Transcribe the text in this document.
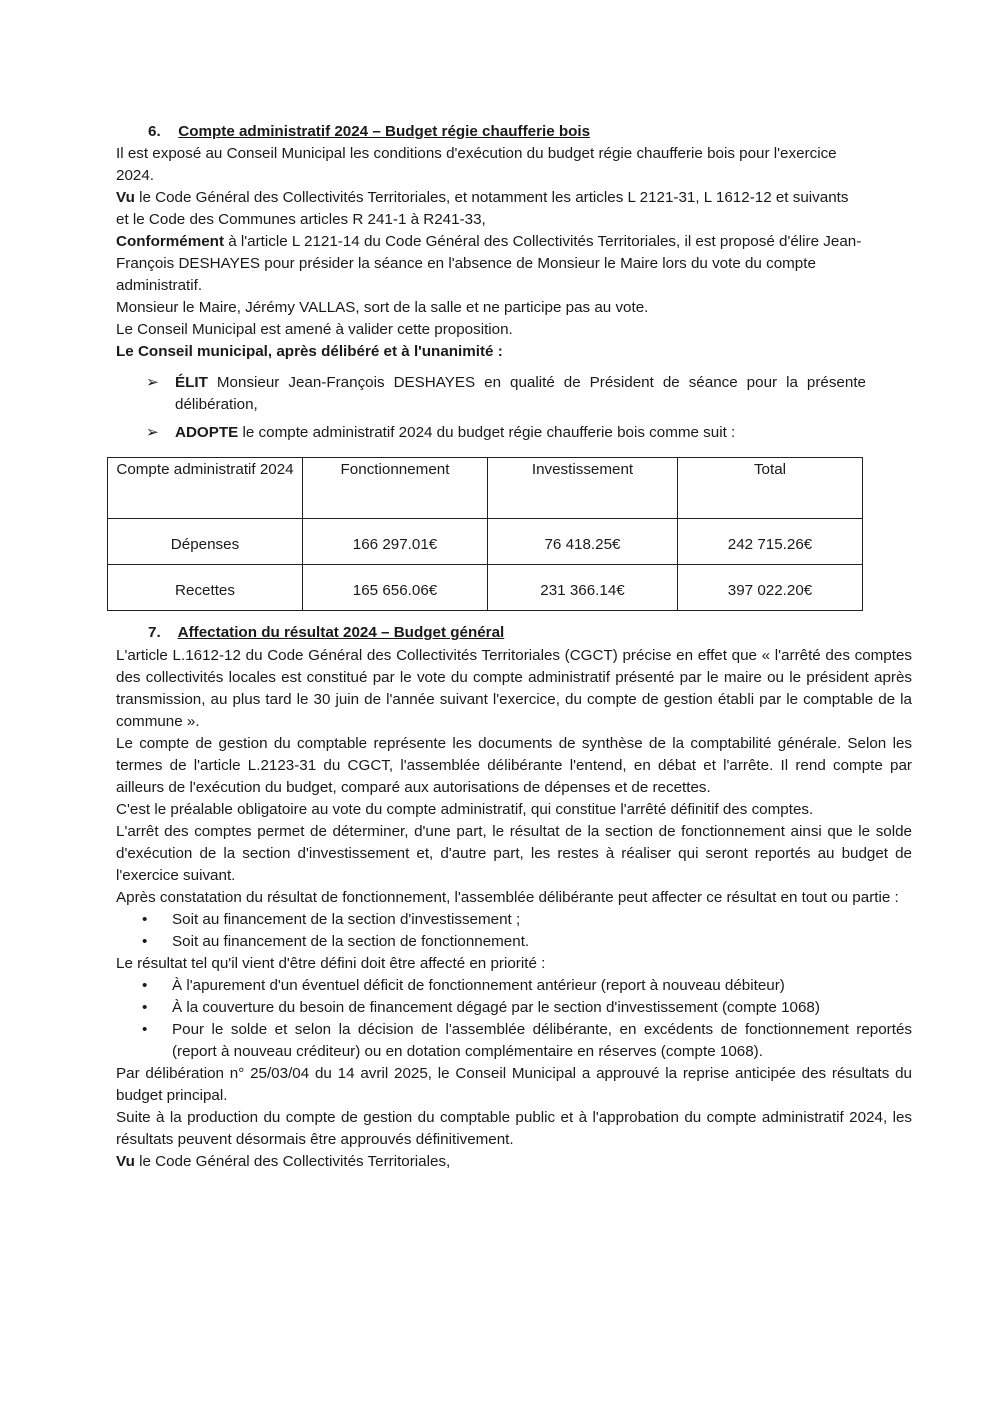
6. Compte administratif 2024 – Budget régie chaufferie bois

Il est exposé au Conseil Municipal les conditions d'exécution du budget régie chaufferie bois pour l'exercice 2024.

Vu le Code Général des Collectivités Territoriales, et notamment les articles L 2121-31, L 1612-12 et suivants et le Code des Communes articles R 241-1 à R241-33,

Conformément à l'article L 2121-14 du Code Général des Collectivités Territoriales, il est proposé d'élire Jean-François DESHAYES pour présider la séance en l'absence de Monsieur le Maire lors du vote du compte administratif.

Monsieur le Maire, Jérémy VALLAS, sort de la salle et ne participe pas au vote.

Le Conseil Municipal est amené à valider cette proposition.

Le Conseil municipal, après délibéré et à l'unanimité :

➢	ÉLIT Monsieur Jean-François DESHAYES en qualité de Président de séance pour la présente délibération,

➢	ADOPTE le compte administratif 2024 du budget régie chaufferie bois comme suit :

Compte administratif 2024	Fonctionnement	Investissement	Total
Dépenses	166 297.01€	76 418.25€	242 715.26€
Recettes	165 656.06€	231 366.14€	397 022.20€
7. Affectation du résultat 2024 – Budget général

L'article L.1612-12 du Code Général des Collectivités Territoriales (CGCT) précise en effet que « l'arrêté des comptes des collectivités locales est constitué par le vote du compte administratif présenté par le maire ou le président après transmission, au plus tard le 30 juin de l'année suivant l'exercice, du compte de gestion établi par le comptable de la commune ».

Le compte de gestion du comptable représente les documents de synthèse de la comptabilité générale. Selon les termes de l'article L.2123-31 du CGCT, l'assemblée délibérante l'entend, en débat et l'arrête. Il rend compte par ailleurs de l'exécution du budget, comparé aux autorisations de dépenses et de recettes.

C'est le préalable obligatoire au vote du compte administratif, qui constitue l'arrêté définitif des comptes.

L'arrêt des comptes permet de déterminer, d'une part, le résultat de la section de fonctionnement ainsi que le solde d'exécution de la section d'investissement et, d'autre part, les restes à réaliser qui seront reportés au budget de l'exercice suivant.

Après constatation du résultat de fonctionnement, l'assemblée délibérante peut affecter ce résultat en tout ou partie :

• Soit au financement de la section d'investissement ;

• Soit au financement de la section de fonctionnement.

Le résultat tel qu'il vient d'être défini doit être affecté en priorité :

• À l'apurement d'un éventuel déficit de fonctionnement antérieur (report à nouveau débiteur)

• À la couverture du besoin de financement dégagé par le section d'investissement (compte 1068)

• Pour le solde et selon la décision de l'assemblée délibérante, en excédents de fonctionnement reportés (report à nouveau créditeur) ou en dotation complémentaire en réserves (compte 1068).

Par délibération n° 25/03/04 du 14 avril 2025, le Conseil Municipal a approuvé la reprise anticipée des résultats du budget principal.

Suite à la production du compte de gestion du comptable public et à l'approbation du compte administratif 2024, les résultats peuvent désormais être approuvés définitivement.

Vu le Code Général des Collectivités Territoriales,
